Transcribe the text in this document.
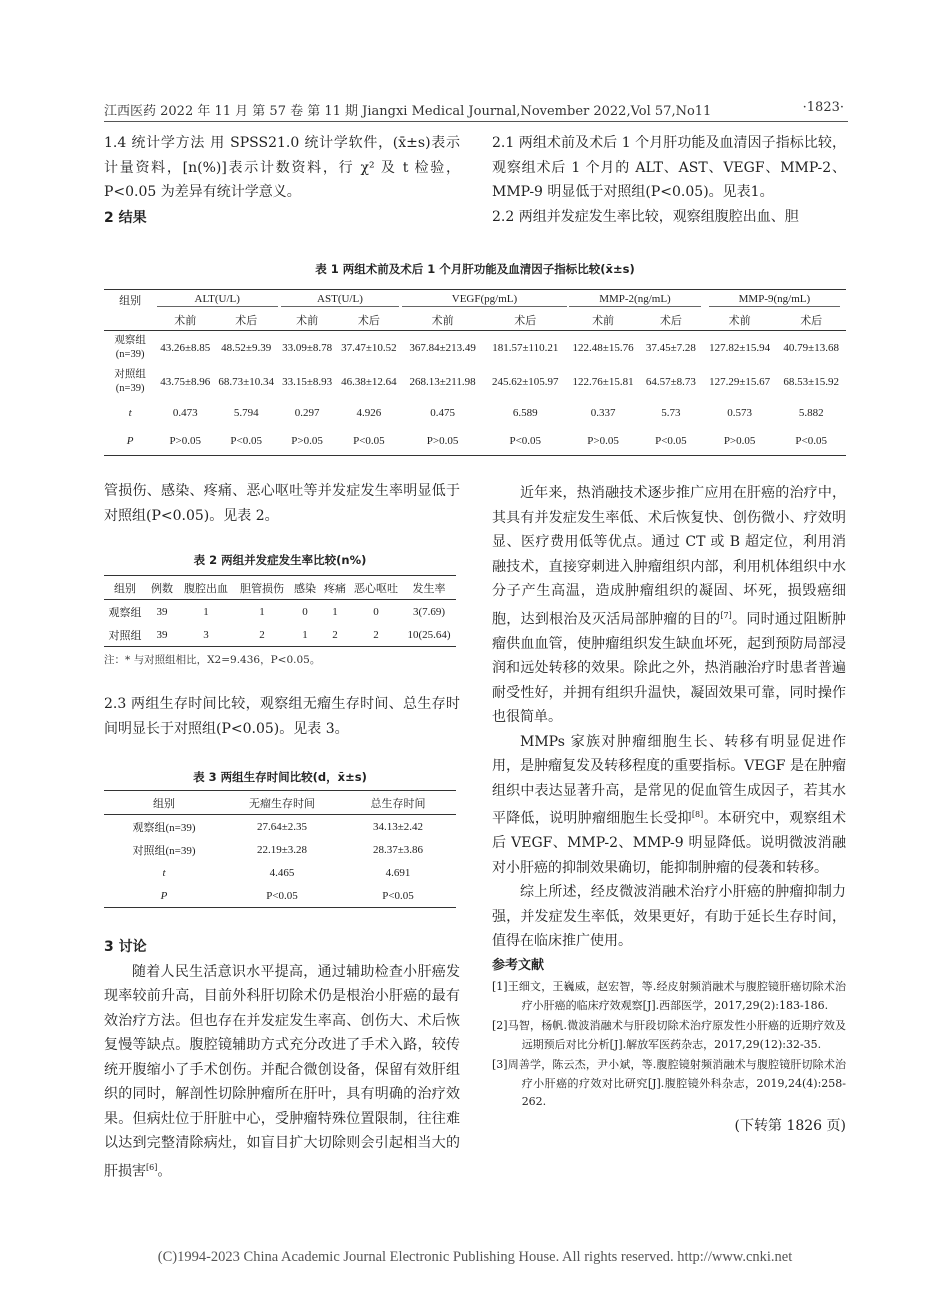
江西医药 2022 年 11 月 第 57 卷 第 11 期 Jiangxi Medical Journal,November 2022,Vol 57,No11	·1823·

1.4 统计学方法 用 SPSS21.0 统计学软件，(x̄±s)表示计量资料，[n(%)]表示计数资料，行 χ² 及 t 检验，P<0.05 为差异有统计学意义。

2 结果

2.1 两组术前及术后 1 个月肝功能及血清因子指标比较，观察组术后 1 个月的 ALT、AST、VEGF、MMP-2、MMP-9 明显低于对照组(P<0.05)。见表1。

2.2 两组并发症发生率比较，观察组腹腔出血、胆

表 1 两组术前及术后 1 个月肝功能及血清因子指标比较(x̄±s)
组别	ALT(U/L)		AST(U/L)		VEGF(pg/mL)		MMP-2(ng/mL)		MMP-9(ng/mL)	
	术前	术后	术前	术后	术前	术后	术前	术后	术前	术后
观察组(n=39)	43.26±8.85	48.52±9.39	33.09±8.78	37.47±10.52	367.84±213.49	181.57±110.21	122.48±15.76	37.45±7.28	127.82±15.94	40.79±13.68
对照组(n=39)	43.75±8.96	68.73±10.34	33.15±8.93	46.38±12.64	268.13±211.98	245.62±105.97	122.76±15.81	64.57±8.73	127.29±15.67	68.53±15.92
t	0.473	5.794	0.297	4.926	0.475	6.589	0.337	5.73	0.573	5.882
P	P>0.05	P<0.05	P>0.05	P<0.05	P>0.05	P<0.05	P>0.05	P<0.05	P>0.05	P<0.05

管损伤、感染、疼痛、恶心呕吐等并发症发生率明显低于对照组(P<0.05)。见表 2。

表 2 两组并发症发生率比较(n%)
组别	例数	腹腔出血	胆管损伤	感染	疼痛	恶心呕吐	发生率
观察组	39	1	1	0	1	0	3(7.69)
对照组	39	3	2	1	2	2	10(25.64)
注：* 与对照组相比，X2=9.436，P<0.05。

2.3 两组生存时间比较，观察组无瘤生存时间、总生存时间明显长于对照组(P<0.05)。见表 3。

表 3 两组生存时间比较(d，x̄±s)
组别	无瘤生存时间	总生存时间
观察组(n=39)	27.64±2.35	34.13±2.42
对照组(n=39)	22.19±3.28	28.37±3.86
t	4.465	4.691
P	P<0.05	P<0.05

3 讨论

随着人民生活意识水平提高，通过辅助检查小肝癌发现率较前升高，目前外科肝切除术仍是根治小肝癌的最有效治疗方法。但也存在并发症发生率高、创伤大、术后恢复慢等缺点。腹腔镜辅助方式充分改进了手术入路，较传统开腹缩小了手术创伤。并配合微创设备，保留有效肝组织的同时，解剖性切除肿瘤所在肝叶，具有明确的治疗效果。但病灶位于肝脏中心，受肿瘤特殊位置限制，往往难以达到完整清除病灶，如盲目扩大切除则会引起相当大的肝损害[6]。

近年来，热消融技术逐步推广应用在肝癌的治疗中，其具有并发症发生率低、术后恢复快、创伤微小、疗效明显、医疗费用低等优点。通过 CT 或 B 超定位，利用消融技术，直接穿刺进入肿瘤组织内部，利用机体组织中水分子产生高温，造成肿瘤组织的凝固、坏死，损毁癌细胞，达到根治及灭活局部肿瘤的目的[7]。同时通过阻断肿瘤供血血管，使肿瘤组织发生缺血坏死，起到预防局部浸润和远处转移的效果。除此之外，热消融治疗时患者普遍耐受性好，并拥有组织升温快，凝固效果可靠，同时操作也很简单。

MMPs 家族对肿瘤细胞生长、转移有明显促进作用，是肿瘤复发及转移程度的重要指标。VEGF 是在肿瘤组织中表达显著升高，是常见的促血管生成因子，若其水平降低，说明肿瘤细胞生长受抑[8]。本研究中，观察组术后 VEGF、MMP-2、MMP-9 明显降低。说明微波消融对小肝癌的抑制效果确切，能抑制肿瘤的侵袭和转移。

综上所述，经皮微波消融术治疗小肝癌的肿瘤抑制力强，并发症发生率低，效果更好，有助于延长生存时间，值得在临床推广使用。

参考文献

[1]王细文，王巍威，赵宏智，等.经皮射频消融术与腹腔镜肝癌切除术治疗小肝癌的临床疗效观察[J].西部医学，2017,29(2):183-186.
[2]马智，杨帆.微波消融术与肝段切除术治疗原发性小肝癌的近期疗效及远期预后对比分析[J].解放军医药杂志，2017,29(12):32-35.
[3]周善学，陈云杰，尹小斌，等.腹腔镜射频消融术与腹腔镜肝切除术治疗小肝癌的疗效对比研究[J].腹腔镜外科杂志，2019,24(4):258-262.
(下转第 1826 页)
(C)1994-2023 China Academic Journal Electronic Publishing House. All rights reserved. http://www.cnki.net
